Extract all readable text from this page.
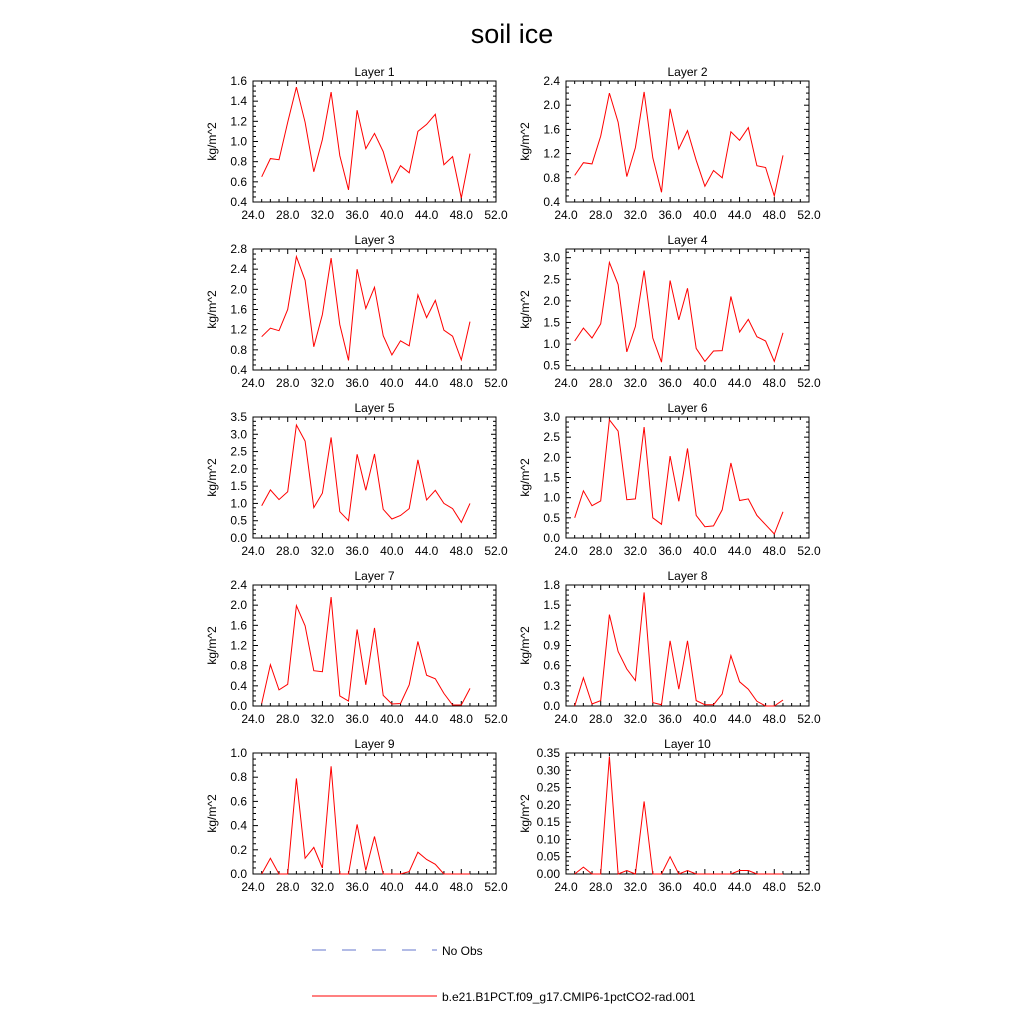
soil ice
Layer 1
kg/m^2
24.0 28.0 32.0 36.0 40.0 44.0 48.0 52.0
0.4
0.6
0.8
1.0
1.2
1.4
1.6
Layer 2
kg/m^2
24.0 28.0 32.0 36.0 40.0 44.0 48.0 52.0
0.4
0.8
1.2
1.6
2.0
2.4
Layer 3
kg/m^2
24.0 28.0 32.0 36.0 40.0 44.0 48.0 52.0
0.4
0.8
1.2
1.6
2.0
2.4
2.8
Layer 4
kg/m^2
24.0 28.0 32.0 36.0 40.0 44.0 48.0 52.0
0.5
1.0
1.5
2.0
2.5
3.0
Layer 5
kg/m^2
24.0 28.0 32.0 36.0 40.0 44.0 48.0 52.0
0.0
0.5
1.0
1.5
2.0
2.5
3.0
3.5
Layer 6
kg/m^2
24.0 28.0 32.0 36.0 40.0 44.0 48.0 52.0
0.0
0.5
1.0
1.5
2.0
2.5
3.0
Layer 7
kg/m^2
24.0 28.0 32.0 36.0 40.0 44.0 48.0 52.0
0.0
0.4
0.8
1.2
1.6
2.0
2.4
Layer 8
kg/m^2
24.0 28.0 32.0 36.0 40.0 44.0 48.0 52.0
0.0
0.3
0.6
0.9
1.2
1.5
1.8
Layer 9
kg/m^2
24.0 28.0 32.0 36.0 40.0 44.0 48.0 52.0
0.0
0.2
0.4
0.6
0.8
1.0
Layer 10
kg/m^2
24.0 28.0 32.0 36.0 40.0 44.0 48.0 52.0
0.00
0.05
0.10
0.15
0.20
0.25
0.30
0.35
No Obs
b.e21.B1PCT.f09_g17.CMIP6-1pctCO2-rad.001
